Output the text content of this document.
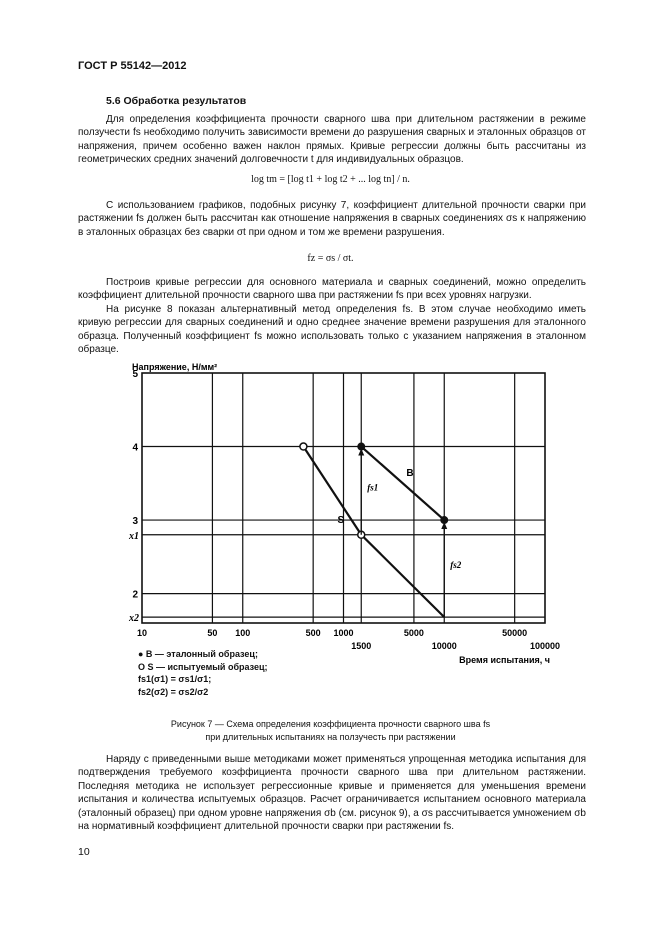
ГОСТ Р 55142—2012
5.6 Обработка результатов

Для определения коэффициента прочности сварного шва при длительном растяжении в режиме ползучести fs необходимо получить зависимости времени до разрушения сварных и эталонных образцов от напряжения, причем особенно важен наклон прямых. Кривые регрессии должны быть рассчитаны из геометрических средних значений долговечности t для индивидуальных образцов.

log tm = [log t1 + log t2 + ... log tn] / n.

С использованием графиков, подобных рисунку 7, коэффициент длительной прочности сварки при растяжении fs должен быть рассчитан как отношение напряжения в сварных соединениях σs к напряжению в эталонных образцах без сварки σt при одном и том же времени разрушения.

fz = σs / σt.

Построив кривые регрессии для основного материала и сварных соединений, можно определить коэффициент длительной прочности сварного шва при растяжении fs при всех уровнях нагрузки.

На рисунке 8 показан альтернативный метод определения fs. В этом случае необходимо иметь кривую регрессии для сварных соединений и одно среднее значение времени разрушения для эталонного образца. Полученный коэффициент fs можно использовать только с указанием напряжения в эталонном образце.

Напряжение, Н/мм²
Время испытания, ч
5
4
3
2
x1
x2
10	50 100	500 1000	5000	50000
1500	10000	100000
B
S
fs1
fs2
● B — эталонный образец;
O S — испытуемый образец;
fs1(σ1) = σs1/σ1;
fs2(σ2) = σs2/σ2
Рисунок 7 — Схема определения коэффициента прочности сварного шва fs
при длительных испытаниях на ползучесть при растяжении

Наряду с приведенными выше методиками может применяться упрощенная методика испытания для подтверждения требуемого коэффициента прочности сварного шва при длительном растяжении. Последняя методика не использует регрессионные кривые и применяется для уменьшения времени испытания и количества испытуемых образцов. Расчет ограничивается испытанием основного материала (эталонный образец) при одном уровне напряжения σb (см. рисунок 9), а σs рассчитывается умножением σb на нормативный коэффициент длительной прочности сварки при растяжении fs.

10
